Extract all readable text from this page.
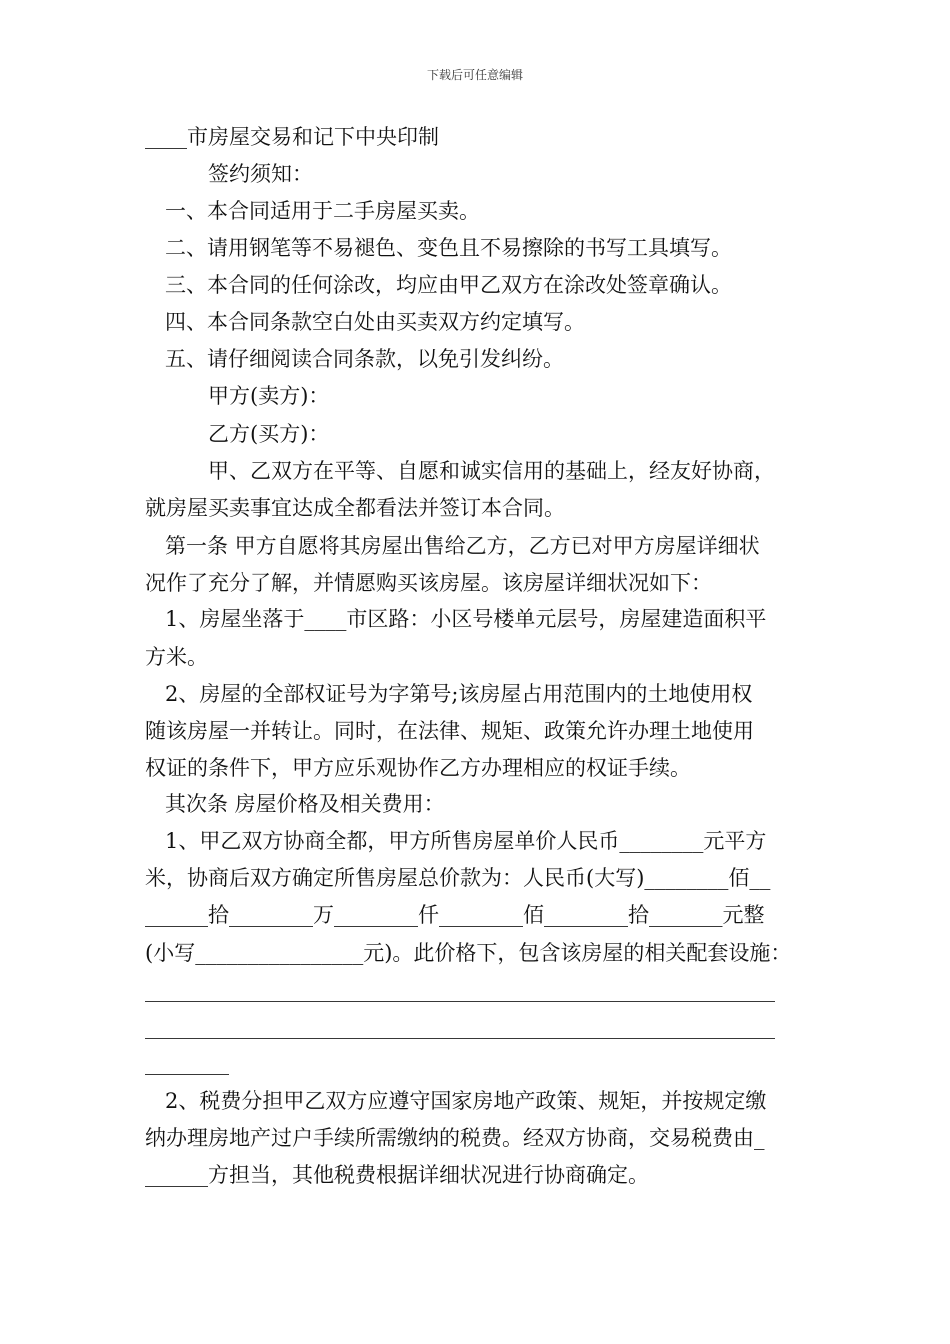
下载后可任意编辑
____市房屋交易和记下中央印制
签约须知：
一、本合同适用于二手房屋买卖。
二、请用钢笔等不易褪色、变色且不易擦除的书写工具填写。
三、本合同的任何涂改，均应由甲乙双方在涂改处签章确认。
四、本合同条款空白处由买卖双方约定填写。
五、请仔细阅读合同条款，以免引发纠纷。
甲方(卖方)：
乙方(买方)：
甲、乙双方在平等、自愿和诚实信用的基础上，经友好协商，
就房屋买卖事宜达成全都看法并签订本合同。
第一条 甲方自愿将其房屋出售给乙方，乙方已对甲方房屋详细状
况作了充分了解，并情愿购买该房屋。该房屋详细状况如下：
1、房屋坐落于____市区路：小区号楼单元层号，房屋建造面积平
方米。
2、房屋的全部权证号为字第号;该房屋占用范围内的土地使用权
随该房屋一并转让。同时，在法律、规矩、政策允许办理土地使用
权证的条件下，甲方应乐观协作乙方办理相应的权证手续。
其次条 房屋价格及相关费用：
1、甲乙双方协商全都，甲方所售房屋单价人民币________元平方
米，协商后双方确定所售房屋总价款为：人民币(大写)________佰__
______拾________万________仟________佰________拾_______元整
(小写________________元)。此价格下，包含该房屋的相关配套设施：
____________________________________________________________
____________________________________________________________
________
2、税费分担甲乙双方应遵守国家房地产政策、规矩，并按规定缴
纳办理房地产过户手续所需缴纳的税费。经双方协商，交易税费由_
______方担当，其他税费根据详细状况进行协商确定。
